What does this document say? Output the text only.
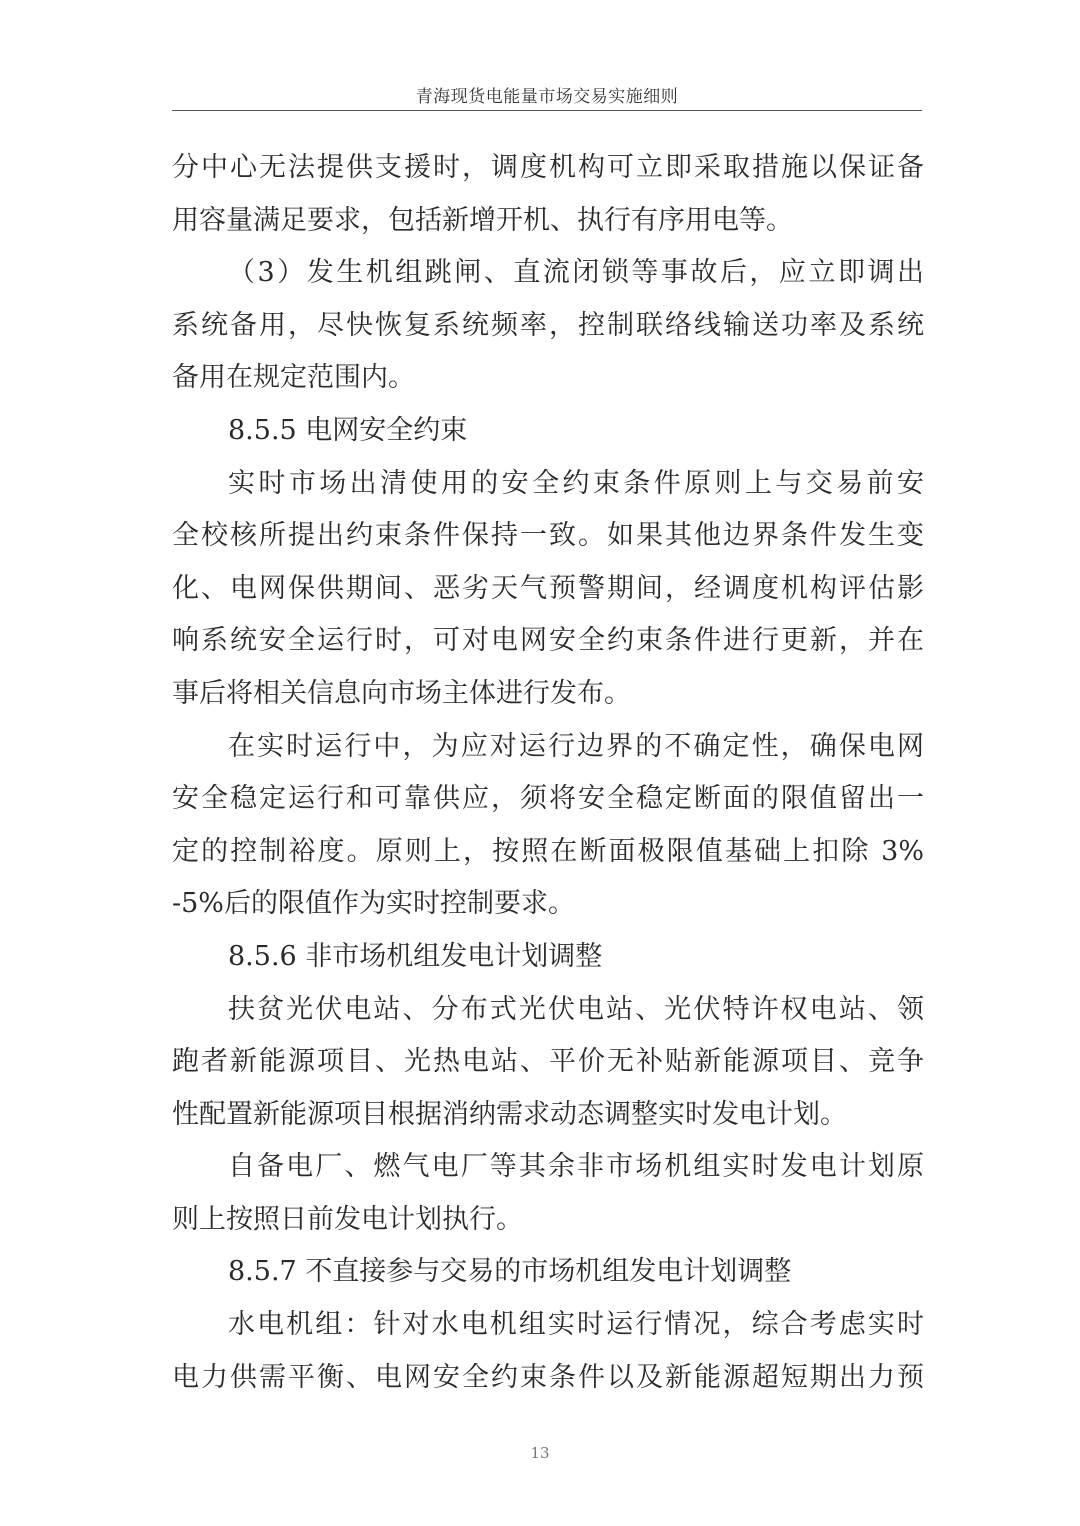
青海现货电能量市场交易实施细则
分中心无法提供支援时，调度机构可立即采取措施以保证备
用容量满足要求，包括新增开机、执行有序用电等。
（3）发生机组跳闸、直流闭锁等事故后，应立即调出
系统备用，尽快恢复系统频率，控制联络线输送功率及系统
备用在规定范围内。
8.5.5 电网安全约束
实时市场出清使用的安全约束条件原则上与交易前安
全校核所提出约束条件保持一致。如果其他边界条件发生变
化、电网保供期间、恶劣天气预警期间，经调度机构评估影
响系统安全运行时，可对电网安全约束条件进行更新，并在
事后将相关信息向市场主体进行发布。
在实时运行中，为应对运行边界的不确定性，确保电网
安全稳定运行和可靠供应，须将安全稳定断面的限值留出一
定的控制裕度。原则上，按照在断面极限值基础上扣除 3%
-5%后的限值作为实时控制要求。
8.5.6 非市场机组发电计划调整
扶贫光伏电站、分布式光伏电站、光伏特许权电站、领
跑者新能源项目、光热电站、平价无补贴新能源项目、竞争
性配置新能源项目根据消纳需求动态调整实时发电计划。
自备电厂、燃气电厂等其余非市场机组实时发电计划原
则上按照日前发电计划执行。
8.5.7 不直接参与交易的市场机组发电计划调整
水电机组：针对水电机组实时运行情况，综合考虑实时
电力供需平衡、电网安全约束条件以及新能源超短期出力预
13
